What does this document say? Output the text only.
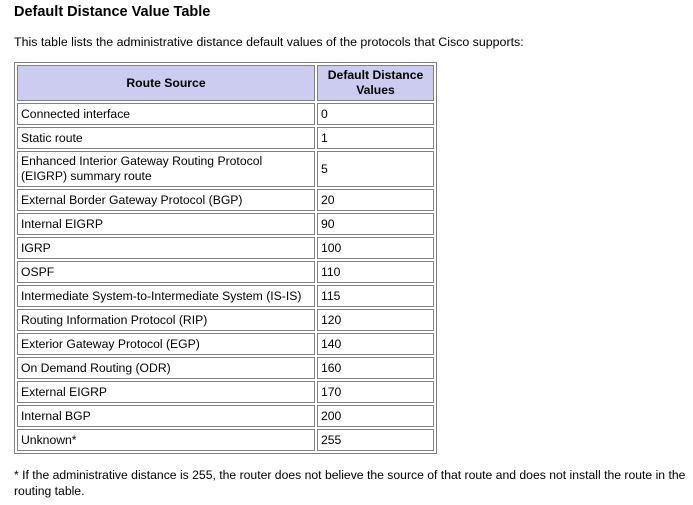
Default Distance Value Table
This table lists the administrative distance default values of the protocols that Cisco supports:
Route Source	Default Distance Values
Connected interface	0
Static route	1
Enhanced Interior Gateway Routing Protocol (EIGRP) summary route	5
External Border Gateway Protocol (BGP)	20
Internal EIGRP	90
IGRP	100
OSPF	110
Intermediate System-to-Intermediate System (IS-IS)	115
Routing Information Protocol (RIP)	120
Exterior Gateway Protocol (EGP)	140
On Demand Routing (ODR)	160
External EIGRP	170
Internal BGP	200
Unknown*	255
* If the administrative distance is 255, the router does not believe the source of that route and does not install the route in the routing table.
